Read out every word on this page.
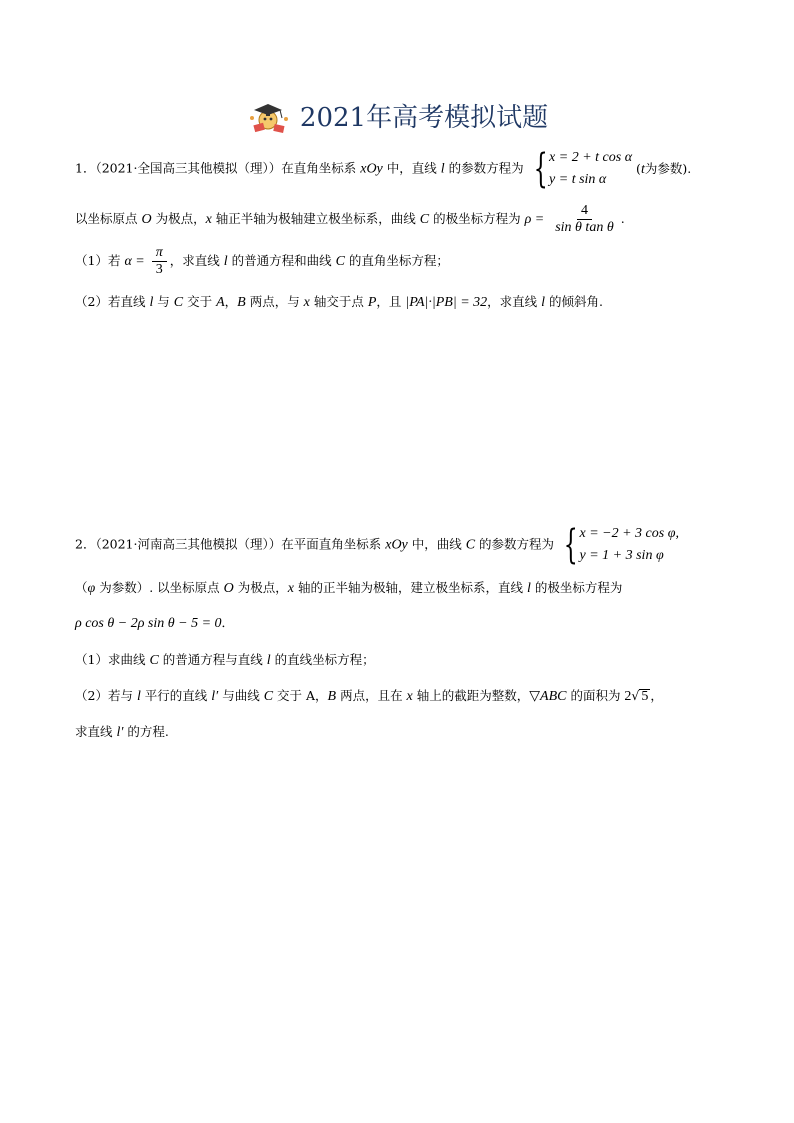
2021年高考模拟试题
1．（2021·全国高三其他模拟（理））在直角坐标系 xOy 中，直线 l 的参数方程为 { x = 2 + t cos α
y = t sin α
(t为参数).
以坐标原点 O 为极点，x 轴正半轴为极轴建立极坐标系，曲线 C 的极坐标方程为 $\rho = \frac{4}{\text{sin θ tan θ}}$ .
（1）若 $\alpha = \frac{\pi}{3}$ ，求直线 l 的普通方程和曲线 C 的直角坐标方程；
（2）若直线 l 与 C 交于 A，B 两点，与 x 轴交于点 P，且 |PA|·|PB| = 32，求直线 l 的倾斜角.
2．（2021·河南高三其他模拟（理））在平面直角坐标系 xOy 中，曲线 C 的参数方程为 { x = −2 + 3 cos φ,
y = 1 + 3 sin φ
（φ 为参数）. 以坐标原点 O 为极点，x 轴的正半轴为极轴，建立极坐标系，直线 l 的极坐标方程为
ρ cos θ − 2ρ sin θ − 5 = 0．
（1）求曲线 C 的普通方程与直线 l 的直线坐标方程；
（2）若与 l 平行的直线 l′ 与曲线 C 交于 A，B 两点，且在 x 轴上的截距为整数，▽ABC 的面积为 2 √ 5 ，
求直线 l′ 的方程.
